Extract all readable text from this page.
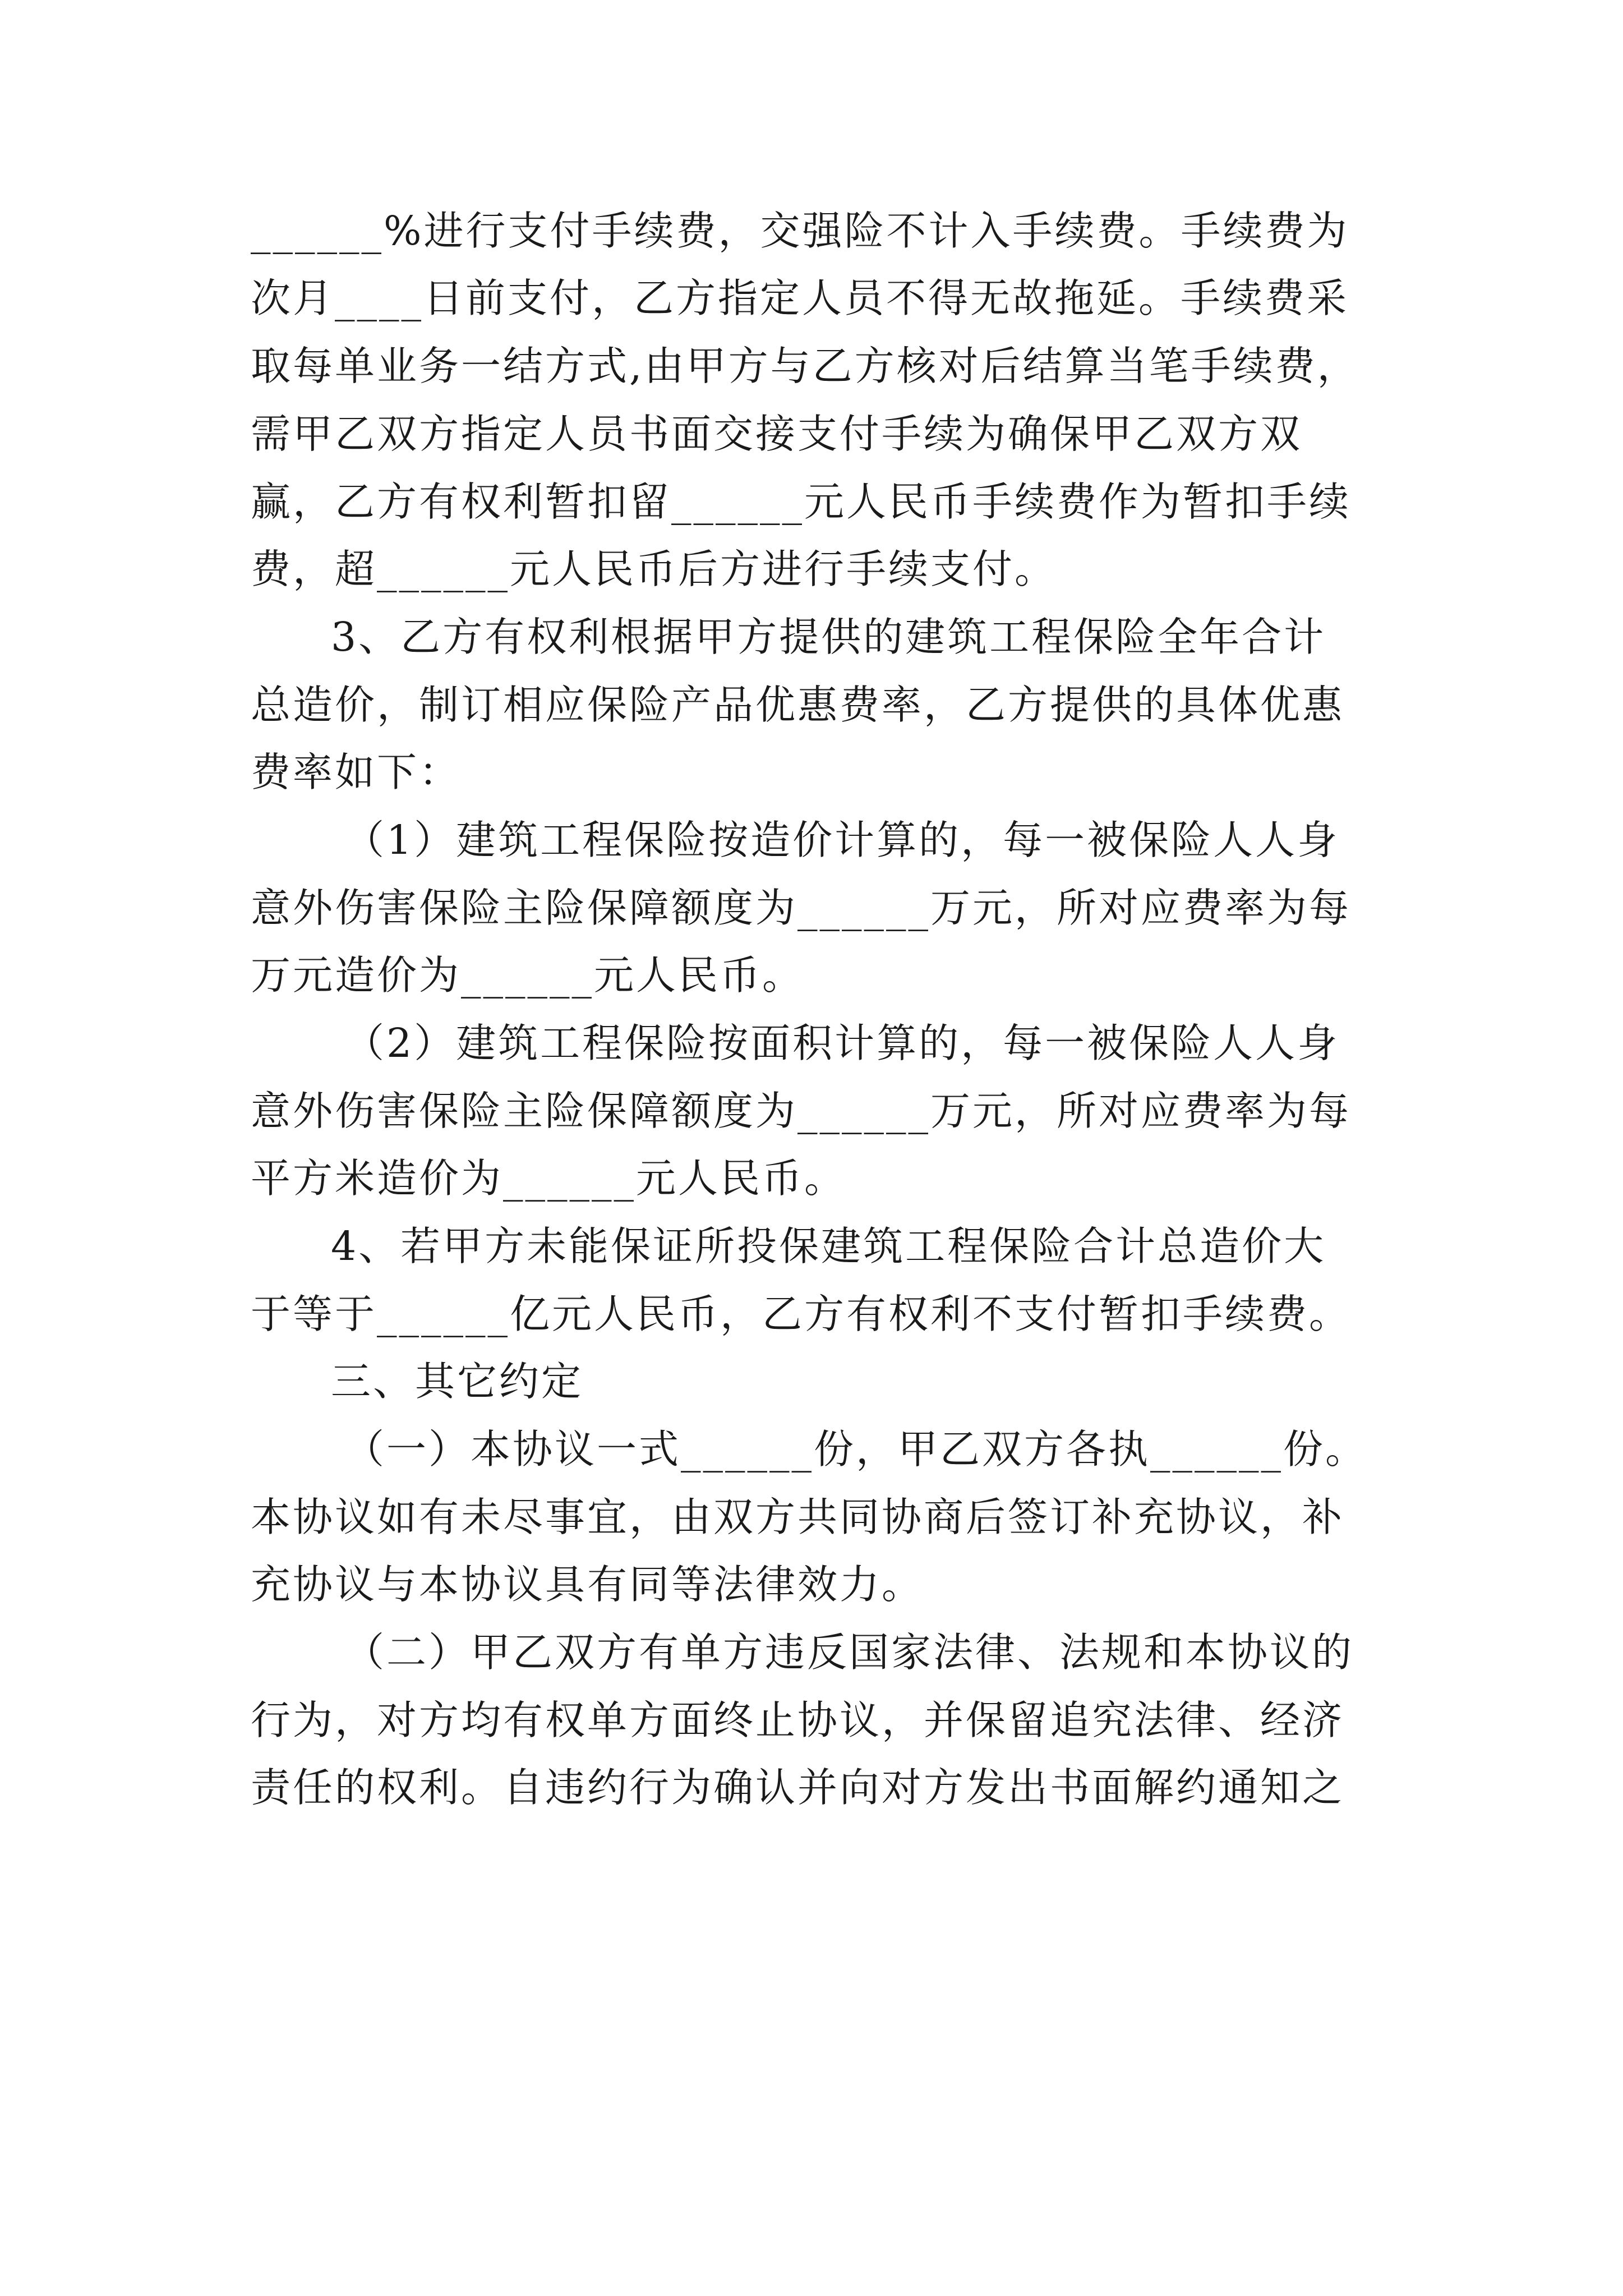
______%进行支付手续费，交强险不计入手续费。手续费为
次月____日前支付，乙方指定人员不得无故拖延。手续费采
取每单业务一结方式,由甲方与乙方核对后结算当笔手续费，
需甲乙双方指定人员书面交接支付手续为确保甲乙双方双
赢，乙方有权利暂扣留______元人民币手续费作为暂扣手续
费，超______元人民币后方进行手续支付。
3、乙方有权利根据甲方提供的建筑工程保险全年合计
总造价，制订相应保险产品优惠费率，乙方提供的具体优惠
费率如下：
（1）建筑工程保险按造价计算的，每一被保险人人身
意外伤害保险主险保障额度为______万元，所对应费率为每
万元造价为______元人民币。
（2）建筑工程保险按面积计算的，每一被保险人人身
意外伤害保险主险保障额度为______万元，所对应费率为每
平方米造价为______元人民币。
4、若甲方未能保证所投保建筑工程保险合计总造价大
于等于______亿元人民币，乙方有权利不支付暂扣手续费。
三、其它约定
（一）本协议一式______份，甲乙双方各执______份。
本协议如有未尽事宜，由双方共同协商后签订补充协议，补
充协议与本协议具有同等法律效力。
（二）甲乙双方有单方违反国家法律、法规和本协议的
行为，对方均有权单方面终止协议，并保留追究法律、经济
责任的权利。自违约行为确认并向对方发出书面解约通知之
